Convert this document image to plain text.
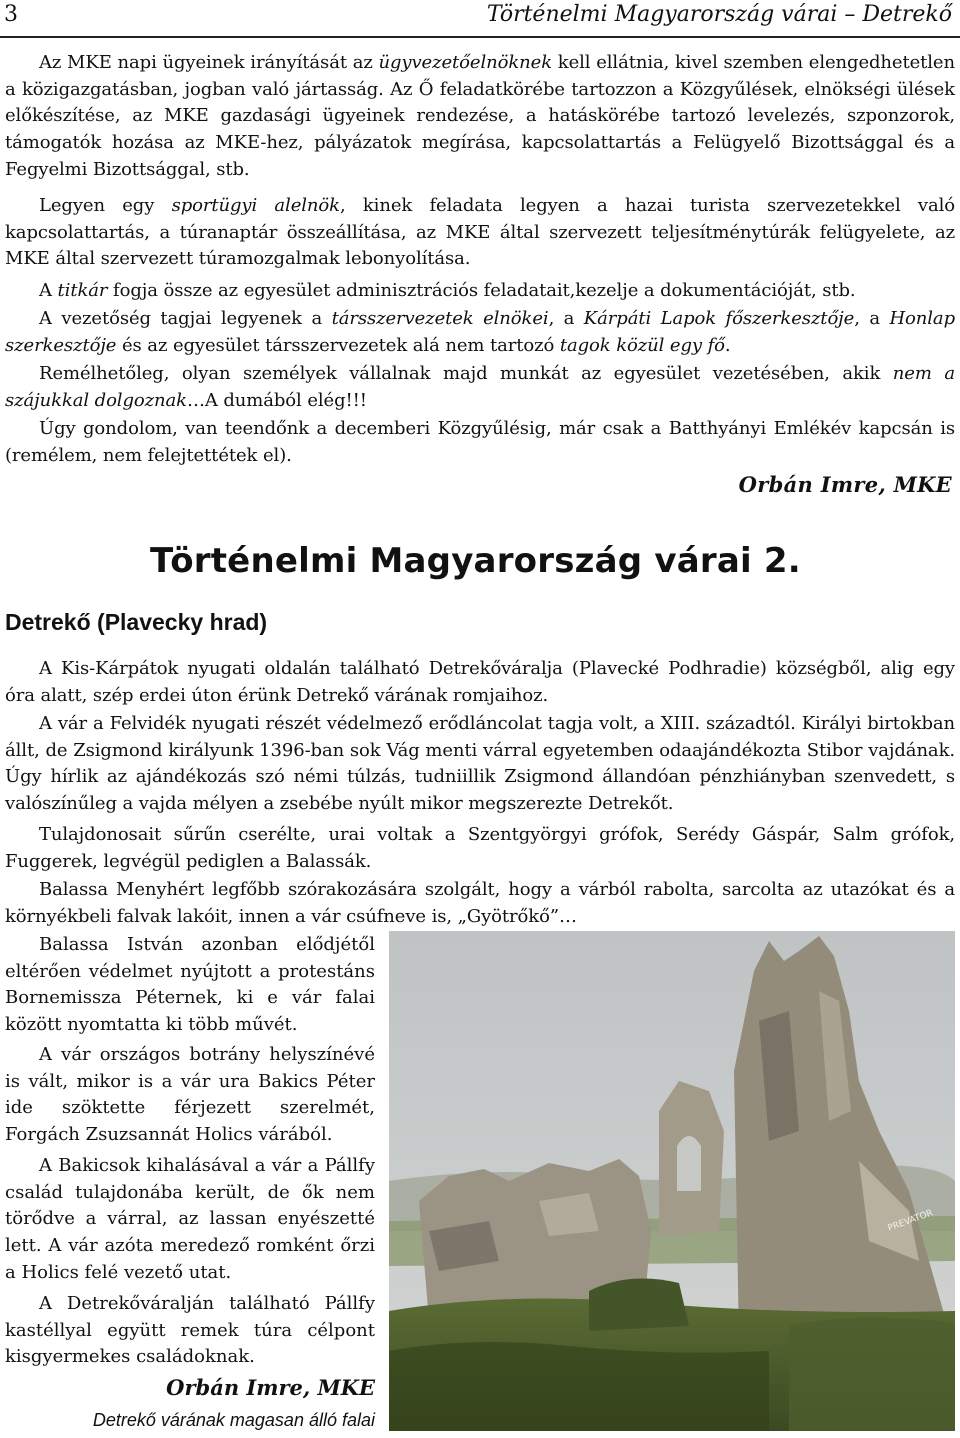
3	Történelmi Magyarország várai – Detrekő

Az MKE napi ügyeinek irányítását az ügyvezetőelnöknek kell ellátnia, kivel szemben elengedhetetlen a közigazgatásban, jogban való jártasság. Az Ő feladatkörébe tartozzon a Közgyűlések, elnökségi ülések előkészítése, az MKE gazdasági ügyeinek rendezése, a hatáskörébe tartozó levelezés, szponzorok, támogatók hozása az MKE-hez, pályázatok megírása, kapcsolattartás a Felügyelő Bizottsággal és a Fegyelmi Bizottsággal, stb.

Legyen egy sportügyi alelnök, kinek feladata legyen a hazai turista szervezetekkel való kapcsolattartás, a túranaptár összeállítása, az MKE által szervezett teljesítménytúrák felügyelete, az MKE által szervezett túramozgalmak lebonyolítása.

A titkár fogja össze az egyesület adminisztrációs feladatait,kezelje a dokumentációját, stb.

A vezetőség tagjai legyenek a társszervezetek elnökei, a Kárpáti Lapok főszerkesztője, a Honlap szerkesztője és az egyesület társszervezetek alá nem tartozó tagok közül egy fő.

Remélhetőleg, olyan személyek vállalnak majd munkát az egyesület vezetésében, akik nem a szájukkal dolgoznak…A dumából elég!!!

Úgy gondolom, van teendőnk a decemberi Közgyűlésig, már csak a Batthyányi Emlékév kapcsán is (remélem, nem felejtettétek el).

Orbán Imre, MKE
Történelmi Magyarország várai 2.
Detrekő (Plavecky hrad)

A Kis-Kárpátok nyugati oldalán található Detrekőváralja (Plavecké Podhradie) községből, alig egy óra alatt, szép erdei úton érünk Detrekő várának romjaihoz.

A vár a Felvidék nyugati részét védelmező erődláncolat tagja volt, a XIII. századtól. Királyi birtokban állt, de Zsigmond királyunk 1396-ban sok Vág menti várral egyetemben odaajándékozta Stibor vajdának. Úgy hírlik az ajándékozás szó némi túlzás, tudniillik Zsigmond állandóan pénzhiányban szenvedett, s valószínűleg a vajda mélyen a zsebébe nyúlt mikor megszerezte Detrekőt.

Tulajdonosait sűrűn cserélte, urai voltak a Szentgyörgyi grófok, Serédy Gáspár, Salm grófok, Fuggerek, legvégül pediglen a Balassák.

Balassa Menyhért legfőbb szórakozására szolgált, hogy a várból rabolta, sarcolta az utazókat és a környékbeli falvak lakóit, innen a vár csúfneve is, „Gyötrőkő”…

Balassa István azonban elődjétől eltérően védelmet nyújtott a protestáns Bornemissza Péternek, ki e vár falai között nyomtatta ki több művét.

A vár országos botrány helyszínévé is vált, mikor is a vár ura Bakics Péter ide szöktette férjezett szerelmét, Forgách Zsuzsannát Holics várából.

A Bakicsok kihalásával a vár a Pállfy család tulajdonába került, de ők nem törődve a várral, az lassan enyészetté lett. A vár azóta meredező romként őrzi a Holics felé vezető utat.

A Detrekőváralján található Pállfy kastéllyal együtt remek túra célpont kisgyermekes családoknak.

Orbán Imre, MKE
Detrekő várának magasan álló falai
PREVATOR
